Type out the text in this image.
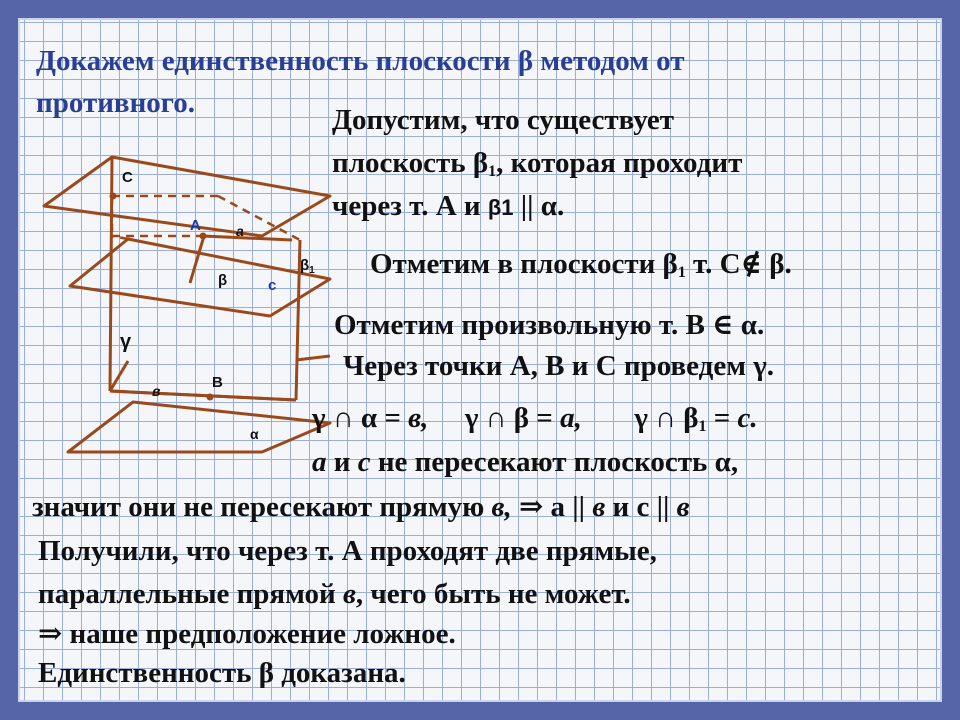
Докажем единственность плоскости β методом от
противного.
C
A	a
β	c
$\beta_1$
γ
B
в
α
Допустим, что существует
плоскость $\beta_1$, которая проходит
через т. А и β1 || α.
Отметим в плоскости $\beta_1$ т. С∉ β.
Отметим произвольную т. В ∈ α.
Через точки А, В и С проведем γ.
γ ∩ α = в, γ ∩ β = а, γ ∩ $\beta_1 = с$.
а и с не пересекают плоскость α,
значит они не пересекают прямую в, ⇒ а || в и с || в
Получили, что через т. А проходят две прямые,
параллельные прямой в, чего быть не может.
⇒ наше предположение ложное.
Единственность β доказана.
